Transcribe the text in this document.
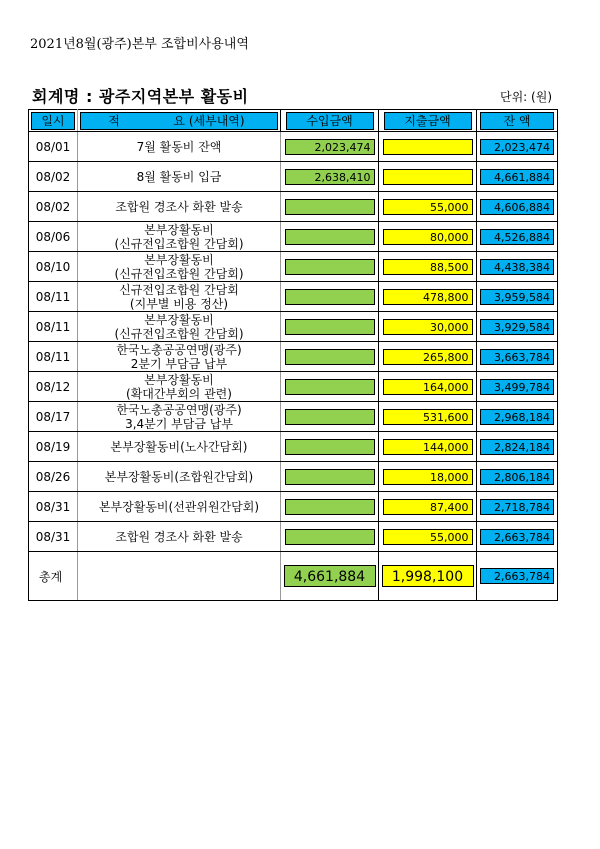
2021년8월(광주)본부 조합비사용내역
회계명 : 광주지역본부 활동비	단위: (원)
일시	적 요 (세부내역)	수입금액	지출금액	잔 액
08/01	7월 활동비 잔액	2,023,474		2,023,474
08/02	8월 활동비 입금	2,638,410		4,661,884
08/02	조합원 경조사 화환 발송		55,000	4,606,884
08/06	본부장활동비
(신규전입조합원 간담회)		80,000	4,526,884
08/10	본부장활동비
(신규전입조합원 간담회)		88,500	4,438,384
08/11	신규전입조합원 간담회
(지부별 비용 정산)		478,800	3,959,584
08/11	본부장활동비
(신규전입조합원 간담회)		30,000	3,929,584
08/11	한국노총공공연맹(광주)
2분기 부담금 납부		265,800	3,663,784
08/12	본부장활동비
(확대간부회의 관련)		164,000	3,499,784
08/17	한국노총공공연맹(광주)
3,4분기 부담금 납부		531,600	2,968,184
08/19	본부장활동비(노사간담회)		144,000	2,824,184
08/26	본부장활동비(조합원간담회)		18,000	2,806,184
08/31	본부장활동비(선관위원간담회)		87,400	2,718,784
08/31	조합원 경조사 화환 발송		55,000	2,663,784
총계		4,661,884	1,998,100	2,663,784
